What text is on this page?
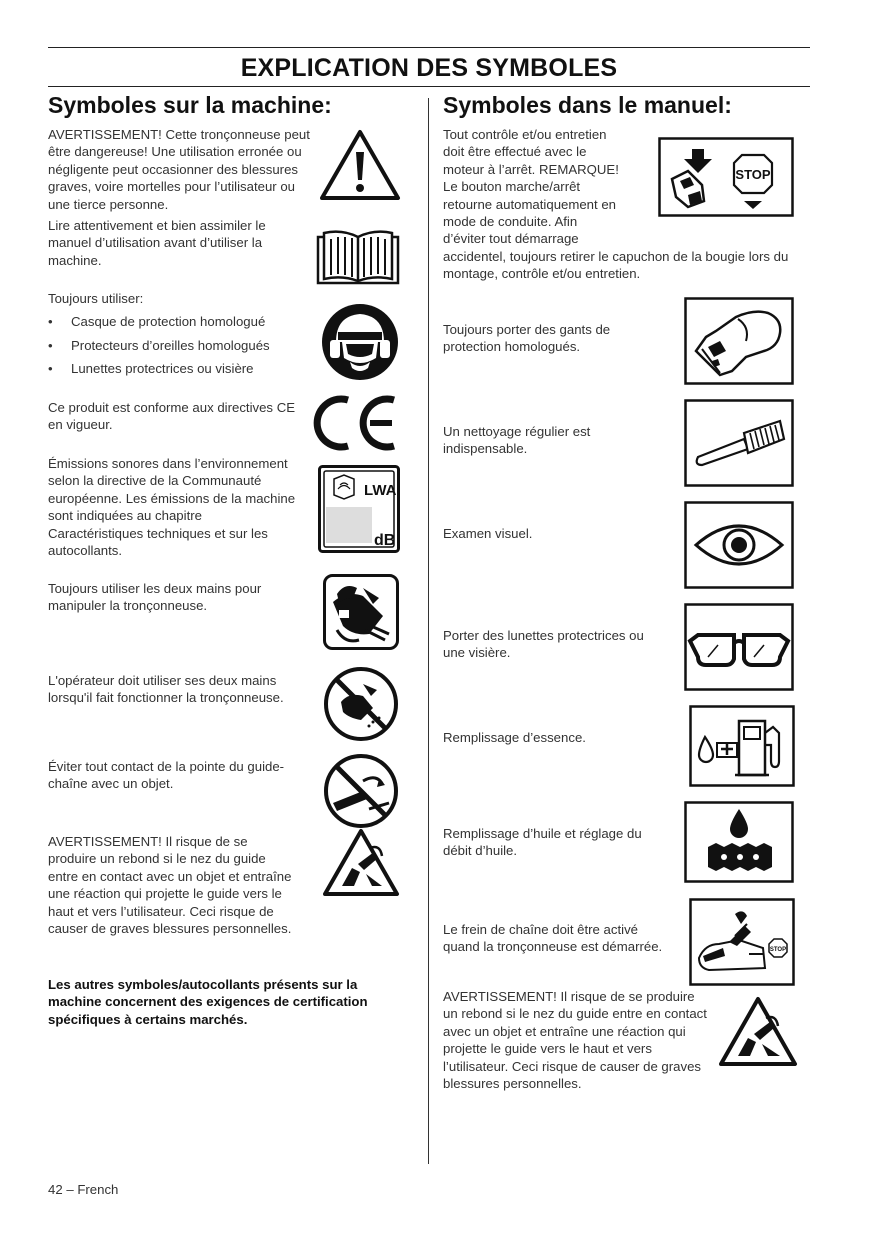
EXPLICATION DES SYMBOLES
Symboles sur la machine:
AVERTISSEMENT! Cette tronçonneuse peut être dangereuse! Une utilisation erronée ou négligente peut occasionner des blessures graves, voire mortelles pour l’utilisateur ou une tierce personne.
Lire attentivement et bien assimiler le manuel d’utilisation avant d’utiliser la machine.
Toujours utiliser:
• Casque de protection homologué
• Protecteurs d’oreilles homologués
• Lunettes protectrices ou visière
Ce produit est conforme aux directives CE en vigueur.
Émissions sonores dans l’environnement selon la directive de la Communauté européenne. Les émissions de la machine sont indiquées au chapitre Caractéristiques techniques et sur les autocollants.
LWA
dB
Toujours utiliser les deux mains pour manipuler la tronçonneuse.
L'opérateur doit utiliser ses deux mains lorsqu'il fait fonctionner la tronçonneuse.
Éviter tout contact de la pointe du guide-chaîne avec un objet.
AVERTISSEMENT! Il risque de se produire un rebond si le nez du guide entre en contact avec un objet et entraîne une réaction qui projette le guide vers le haut et vers l’utilisateur. Ceci risque de causer de graves blessures personnelles.
Les autres symboles/autocollants présents sur la machine concernent des exigences de certification spécifiques à certains marchés.
Symboles dans le manuel:

Tout contrôle et/ou entretien

doit être effectué avec le

moteur à l’arrêt. REMARQUE!

Le bouton marche/arrêt

retourne automatiquement en

mode de conduite. Afin

d’éviter tout démarrage

accidentel, toujours retirer le capuchon de la bougie lors du montage, contrôle et/ou entretien.
STOP
Toujours porter des gants de protection homologués.
Un nettoyage régulier est indispensable.
Examen visuel.
Porter des lunettes protectrices ou une visière.
Remplissage d’essence.
Remplissage d’huile et réglage du débit d’huile.
Le frein de chaîne doit être activé quand la tronçonneuse est démarrée.	STOP
AVERTISSEMENT! Il risque de se produire un rebond si le nez du guide entre en contact avec un objet et entraîne une réaction qui projette le guide vers le haut et vers l’utilisateur. Ceci risque de causer de graves blessures personnelles.
42 – French
